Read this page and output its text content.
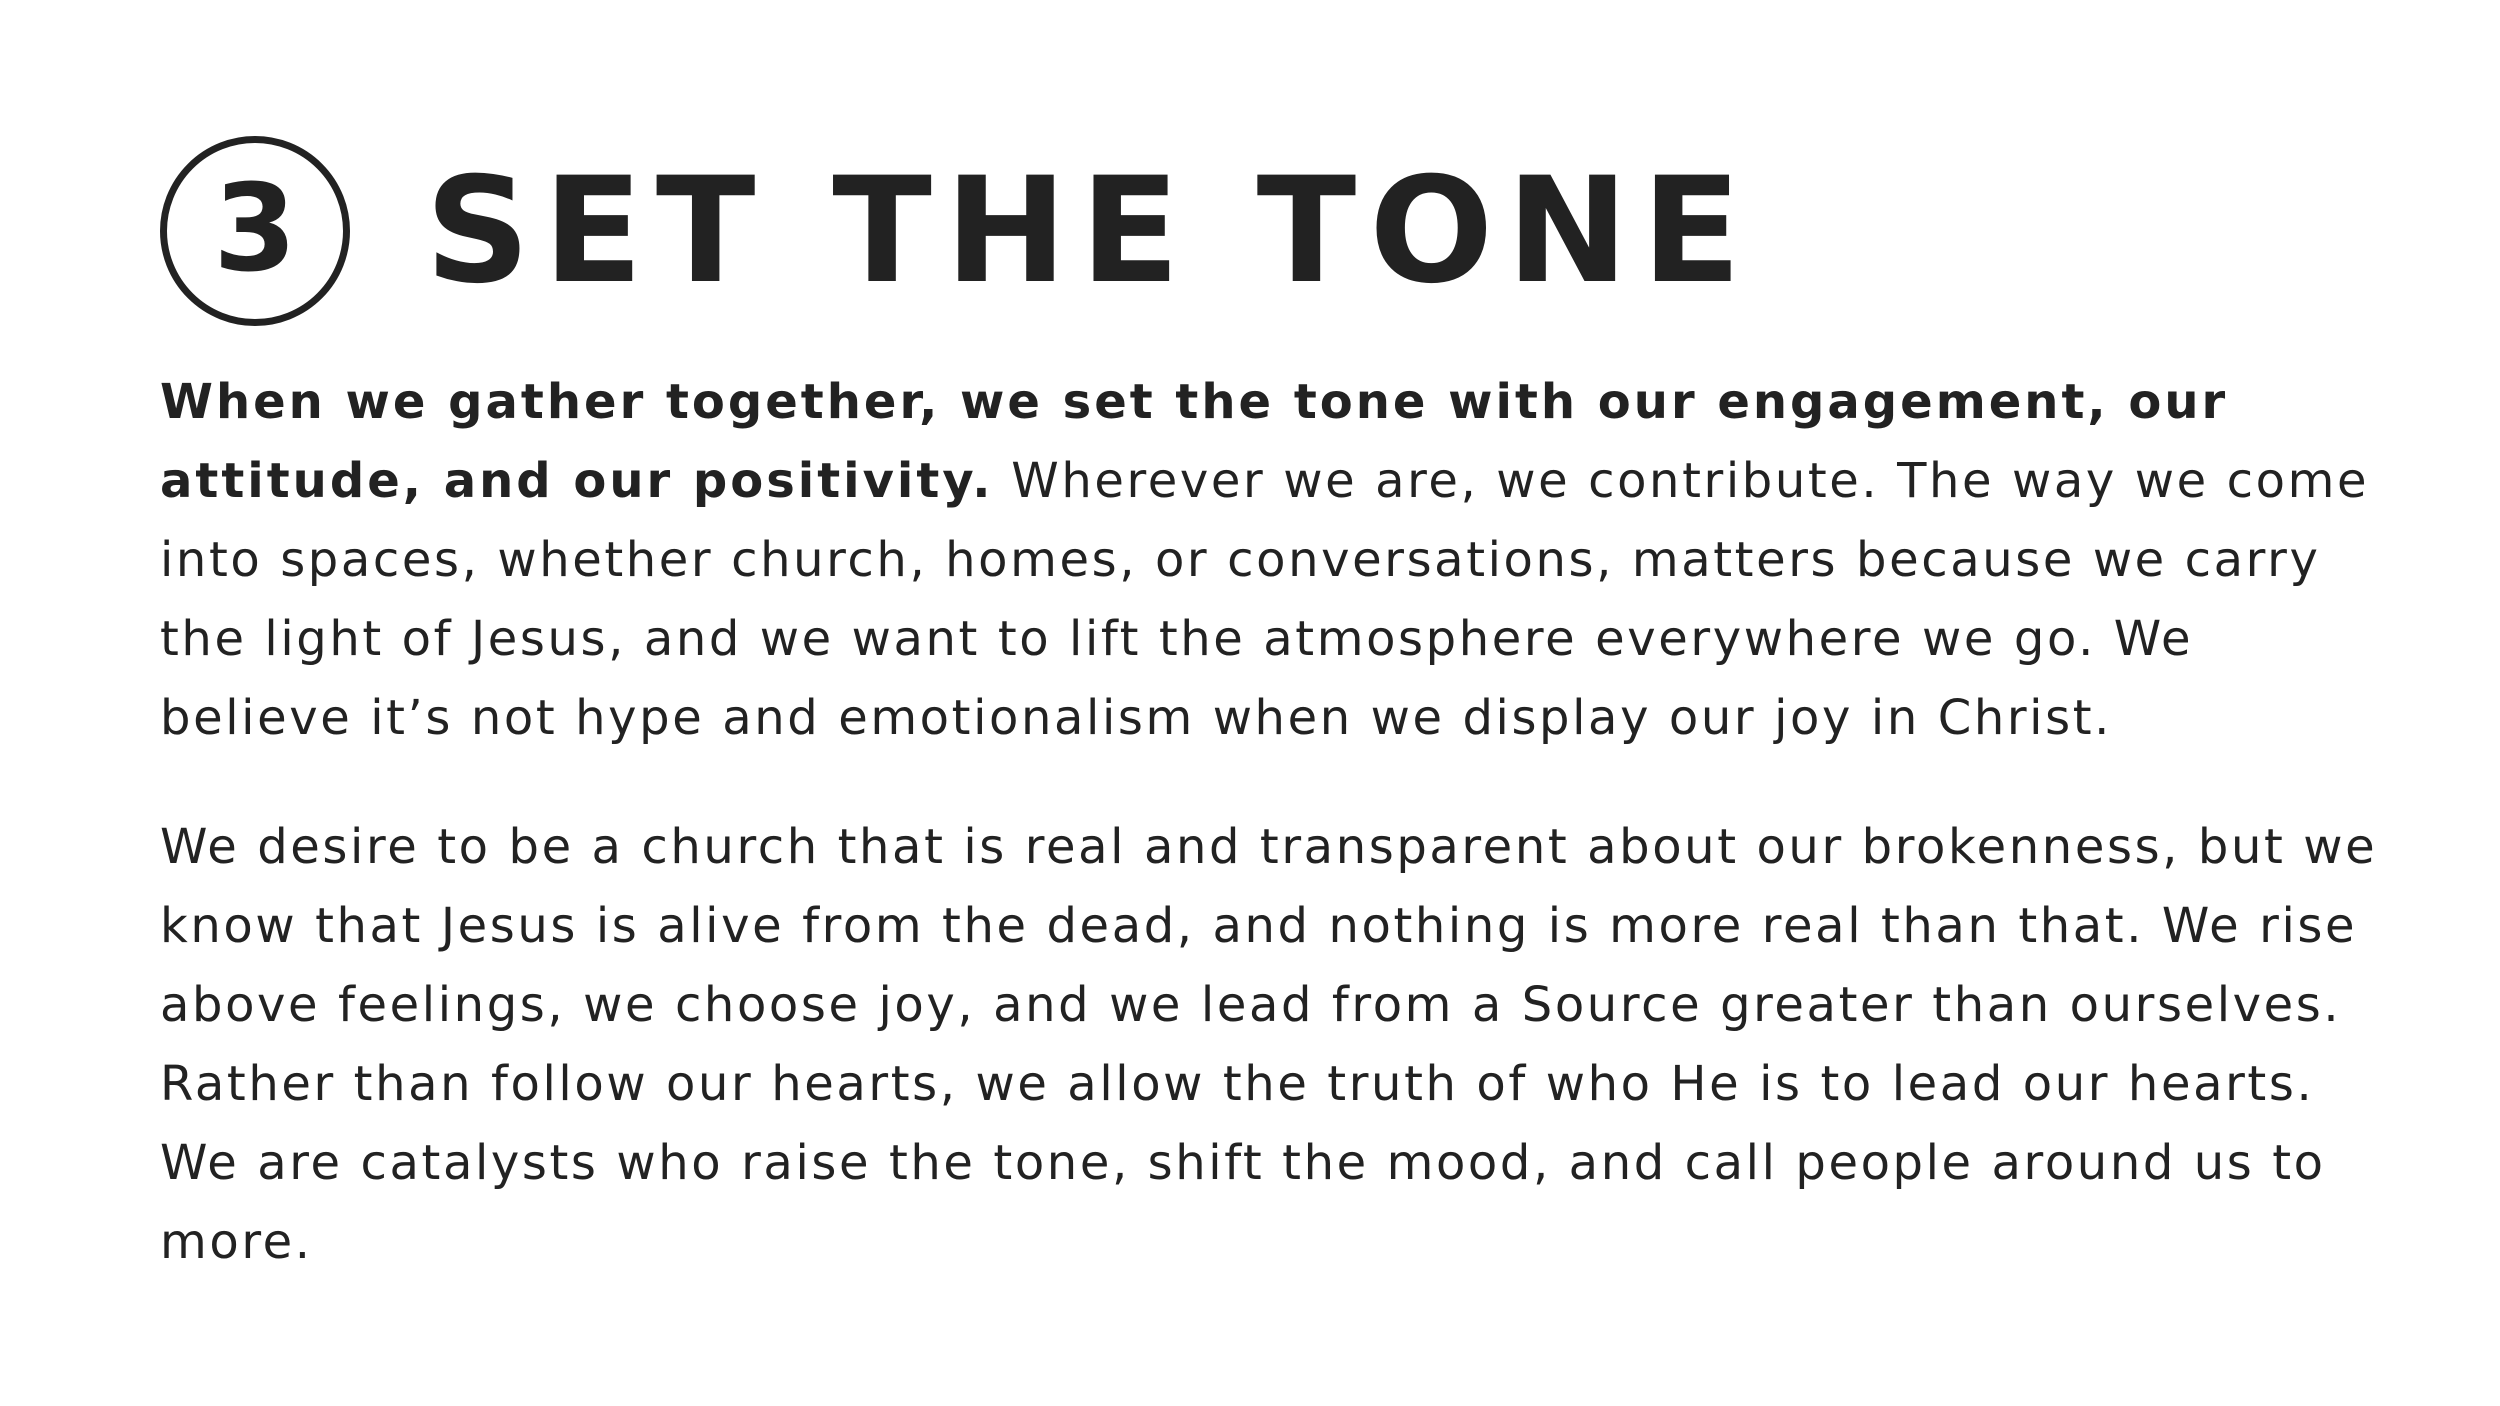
3 SET THE TONE

When we gather together, we set the tone with our engagement, our attitude, and our positivity. Wherever we are, we contribute. The way we come into spaces, whether church, homes, or conversations, matters because we carry the light of Jesus, and we want to lift the atmosphere everywhere we go. We believe it’s not hype and emotionalism when we display our joy in Christ.

We desire to be a church that is real and transparent about our brokenness, but we know that Jesus is alive from the dead, and nothing is more real than that. We rise above feelings, we choose joy, and we lead from a Source greater than ourselves. Rather than follow our hearts, we allow the truth of who He is to lead our hearts. We are catalysts who raise the tone, shift the mood, and call people around us to more.
